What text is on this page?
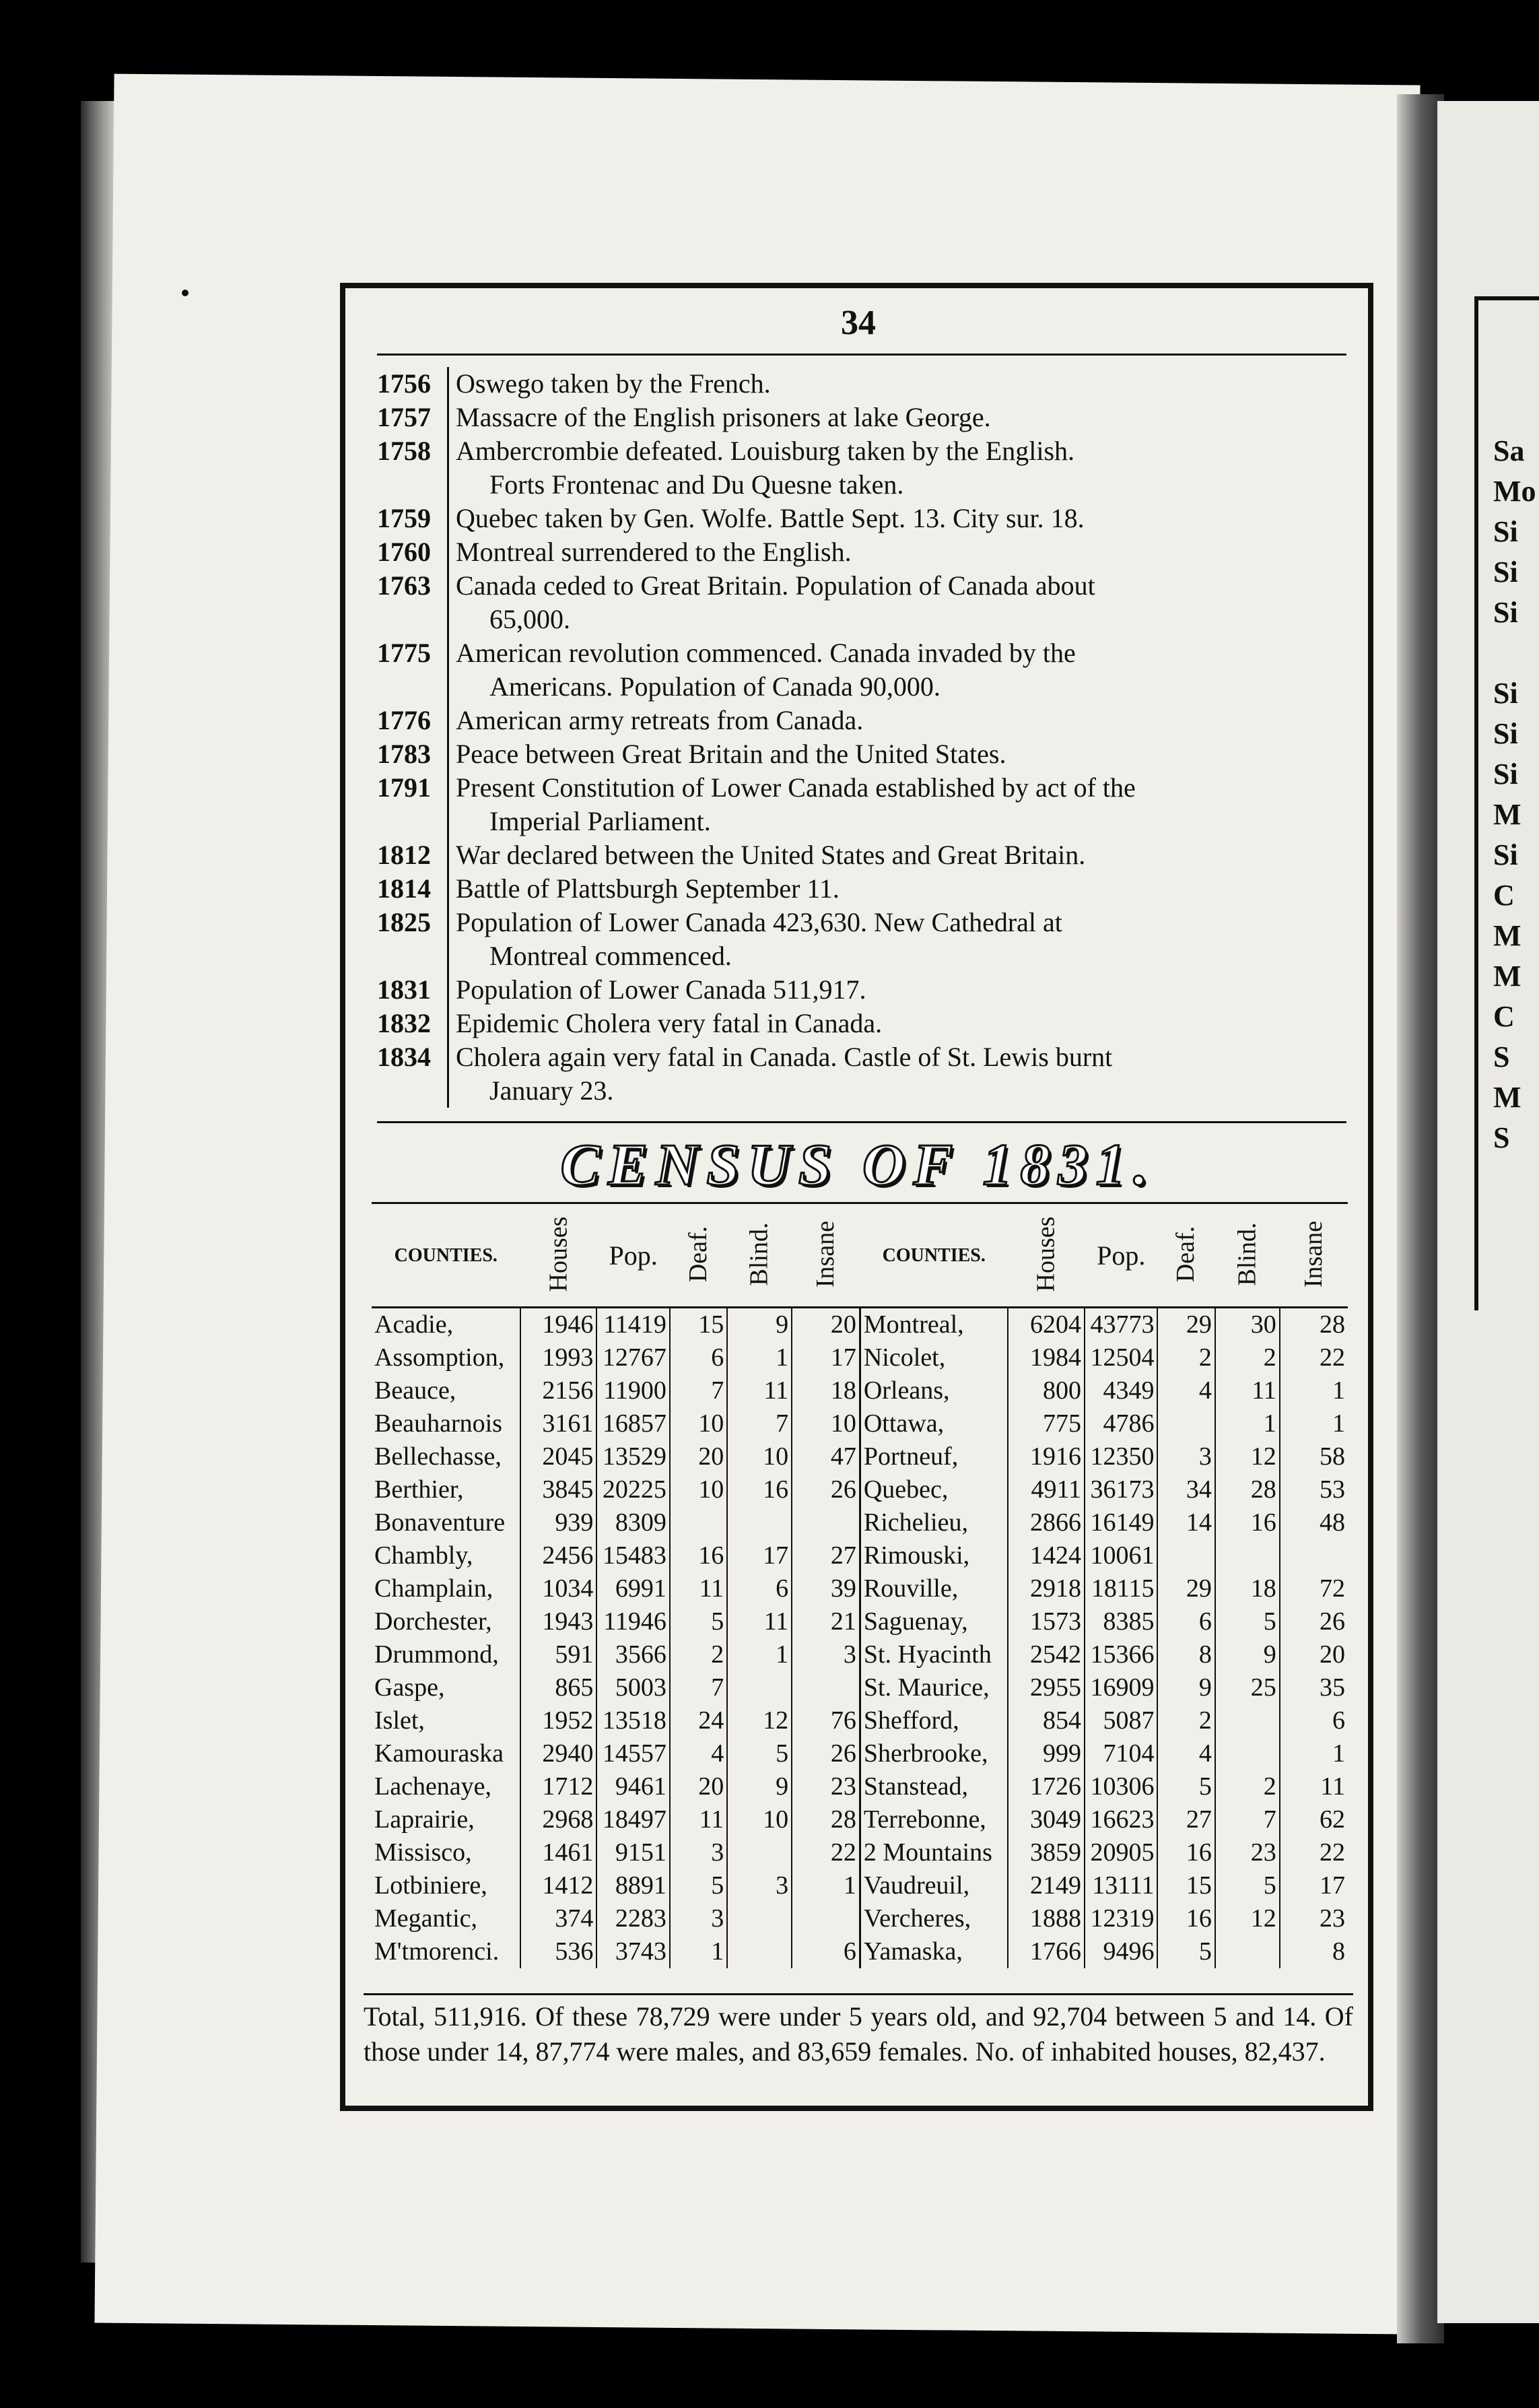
Sa
Mo
Si
Si
Si
Si
Si
Si
M
Si
C
M
M
C
S
M
S
34
1756 Oswego taken by the French.
1757 Massacre of the English prisoners at lake George.
1758 Ambercrombie defeated. Louisburg taken by the English.
Forts Frontenac and Du Quesne taken.
1759 Quebec taken by Gen. Wolfe. Battle Sept. 13. City sur. 18.
1760 Montreal surrendered to the English.
1763 Canada ceded to Great Britain. Population of Canada about
65,000.
1775 American revolution commenced. Canada invaded by the
Americans. Population of Canada 90,000.
1776 American army retreats from Canada.
1783 Peace between Great Britain and the United States.
1791 Present Constitution of Lower Canada established by act of the
Imperial Parliament.
1812 War declared between the United States and Great Britain.
1814 Battle of Plattsburgh September 11.
1825 Population of Lower Canada 423,630. New Cathedral at
Montreal commenced.
1831 Population of Lower Canada 511,917.
1832 Epidemic Cholera very fatal in Canada.
1834 Cholera again very fatal in Canada. Castle of St. Lewis burnt
January 23.
CENSUS OF 1831.
COUNTIES.	Houses	Pop.	Deaf.	Blind.	Insane	COUNTIES.	Houses	Pop.	Deaf.	Blind.	Insane
Acadie,	1946	11419	15	9	20	Montreal,	6204	43773	29	30	28
Assomption,	1993	12767	6	1	17	Nicolet,	1984	12504	2	2	22
Beauce,	2156	11900	7	11	18	Orleans,	800	4349	4	11	1
Beauharnois	3161	16857	10	7	10	Ottawa,	775	4786		1	1
Bellechasse,	2045	13529	20	10	47	Portneuf,	1916	12350	3	12	58
Berthier,	3845	20225	10	16	26	Quebec,	4911	36173	34	28	53
Bonaventure	939	8309				Richelieu,	2866	16149	14	16	48
Chambly,	2456	15483	16	17	27	Rimouski,	1424	10061			
Champlain,	1034	6991	11	6	39	Rouville,	2918	18115	29	18	72
Dorchester,	1943	11946	5	11	21	Saguenay,	1573	8385	6	5	26
Drummond,	591	3566	2	1	3	St. Hyacinth	2542	15366	8	9	20
Gaspe,	865	5003	7			St. Maurice,	2955	16909	9	25	35
Islet,	1952	13518	24	12	76	Shefford,	854	5087	2		6
Kamouraska	2940	14557	4	5	26	Sherbrooke,	999	7104	4		1
Lachenaye,	1712	9461	20	9	23	Stanstead,	1726	10306	5	2	11
Laprairie,	2968	18497	11	10	28	Terrebonne,	3049	16623	27	7	62
Missisco,	1461	9151	3		22	2 Mountains	3859	20905	16	23	22
Lotbiniere,	1412	8891	5	3	1	Vaudreuil,	2149	13111	15	5	17
Megantic,	374	2283	3			Vercheres,	1888	12319	16	12	23
M'tmorenci.	536	3743	1		6	Yamaska,	1766	9496	5		8
Total, 511,916. Of these 78,729 were under 5 years old, and 92,704 between 5 and 14. Of those under 14, 87,774 were males, and 83,659 females. No. of inhabited houses, 82,437.
